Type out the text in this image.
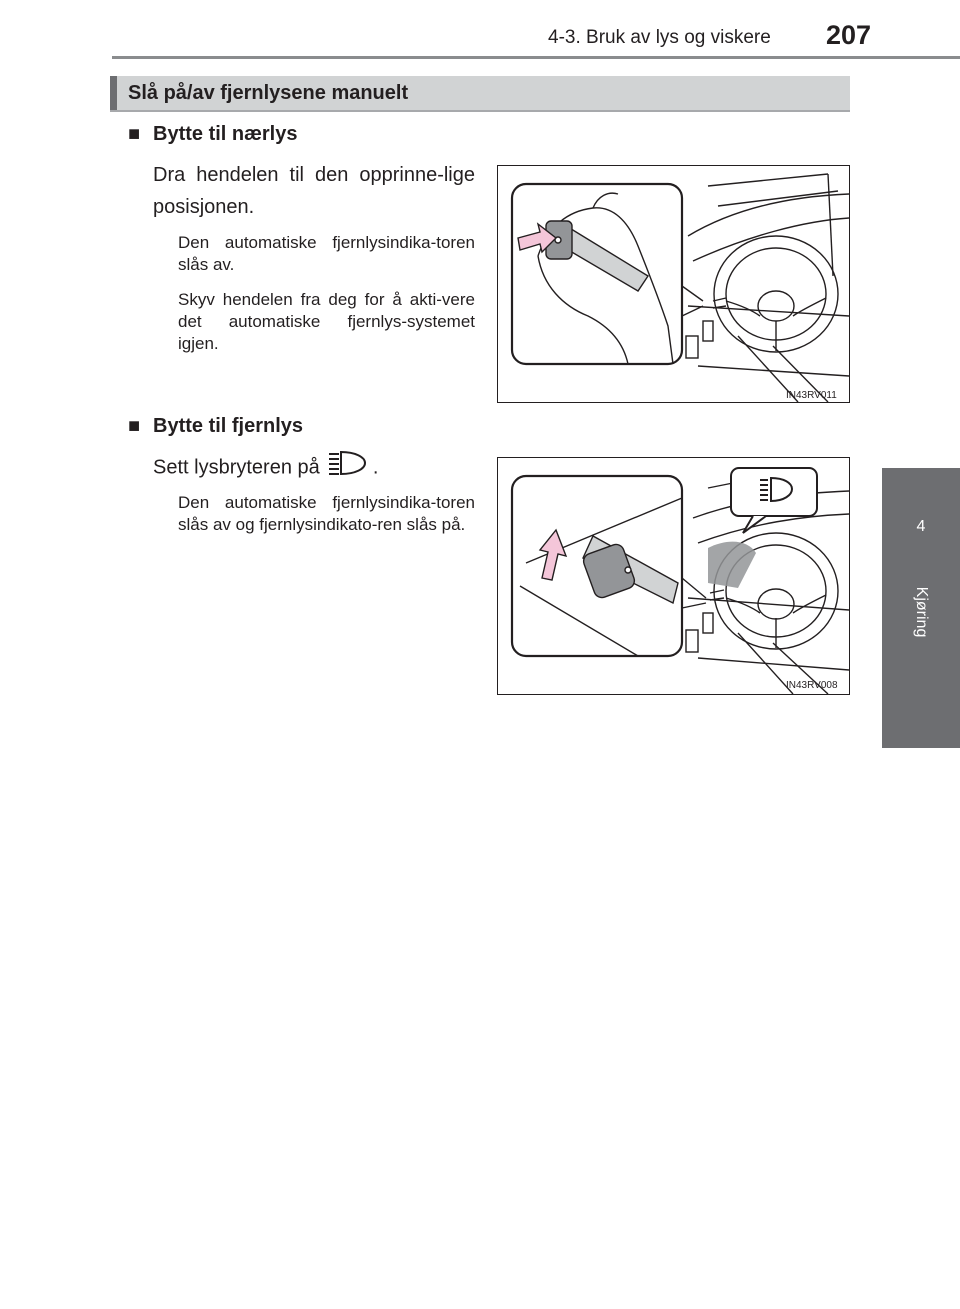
4-3. Bruk av lys og viskere 207
4
Kjøring
Slå på/av fjernlysene manuelt
■ Bytte til nærlys
Dra hendelen til den opprinne-lige posisjonen.
Den automatiske fjernlysindika-toren slås av.
Skyv hendelen fra deg for å akti-vere det automatiske fjernlys-systemet igjen.
IN43RV011
■ Bytte til fjernlys
Sett lysbryteren på	.
Den automatiske fjernlysindika-toren slås av og fjernlysindikato-ren slås på.
IN43RV008
